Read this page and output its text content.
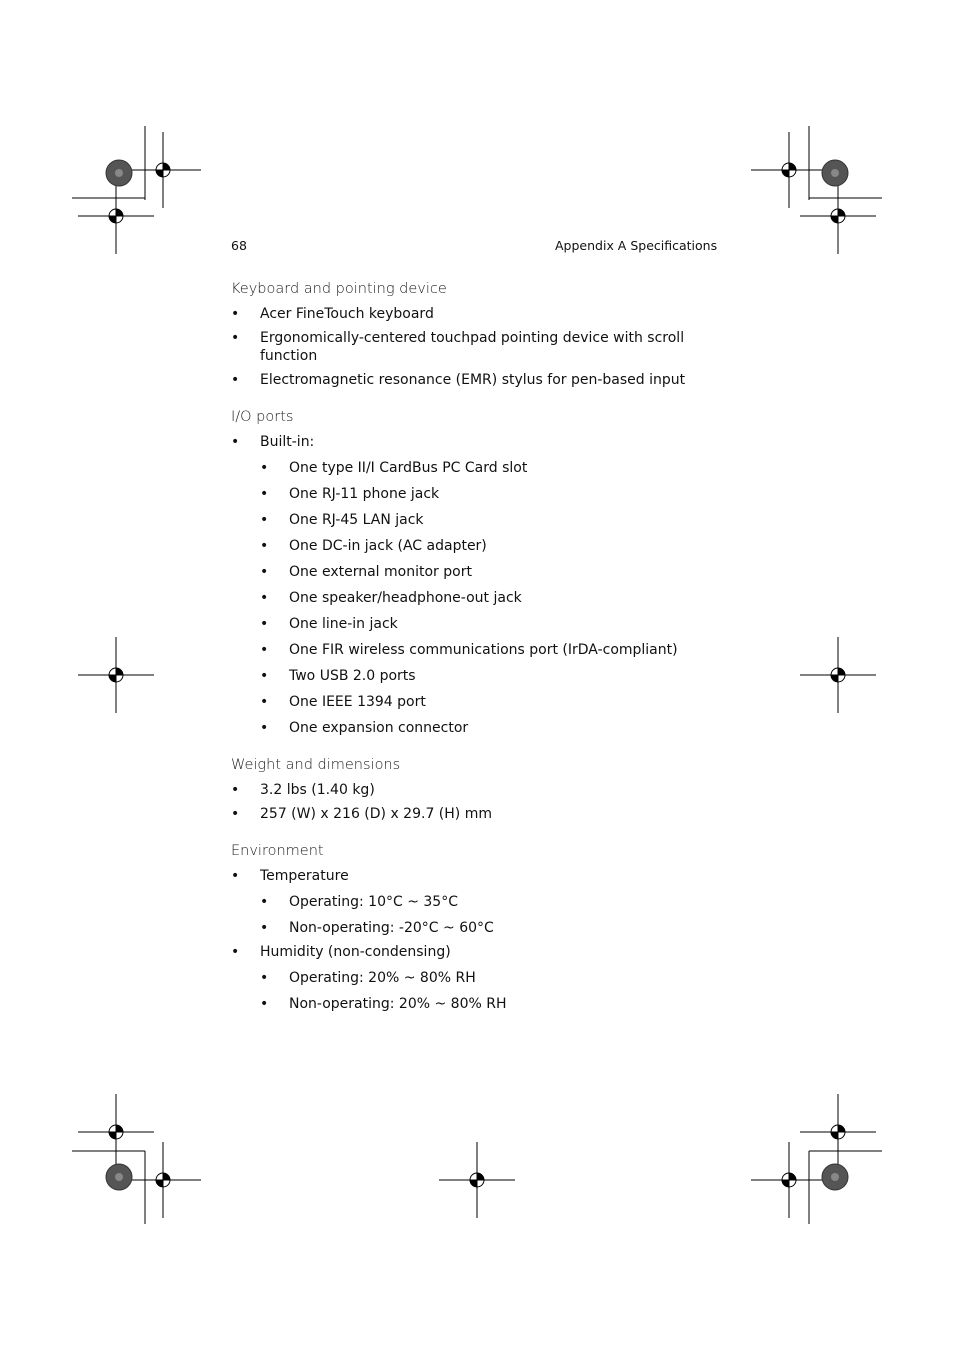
68	Appendix A Specifications
Keyboard and pointing device
• Acer FineTouch keyboard
• Ergonomically-centered touchpad pointing device with scroll function
• Electromagnetic resonance (EMR) stylus for pen-based input
I/O ports
• Built-in:
• One type II/I CardBus PC Card slot
• One RJ-11 phone jack
• One RJ-45 LAN jack
• One DC-in jack (AC adapter)
• One external monitor port
• One speaker/headphone-out jack
• One line-in jack
• One FIR wireless communications port (IrDA-compliant)
• Two USB 2.0 ports
• One IEEE 1394 port
• One expansion connector
Weight and dimensions
• 3.2 lbs (1.40 kg)
• 257 (W) x 216 (D) x 29.7 (H) mm
Environment
• Temperature
• Operating: 10°C ~ 35°C
• Non-operating: -20°C ~ 60°C
• Humidity (non-condensing)
• Operating: 20% ~ 80% RH
• Non-operating: 20% ~ 80% RH
